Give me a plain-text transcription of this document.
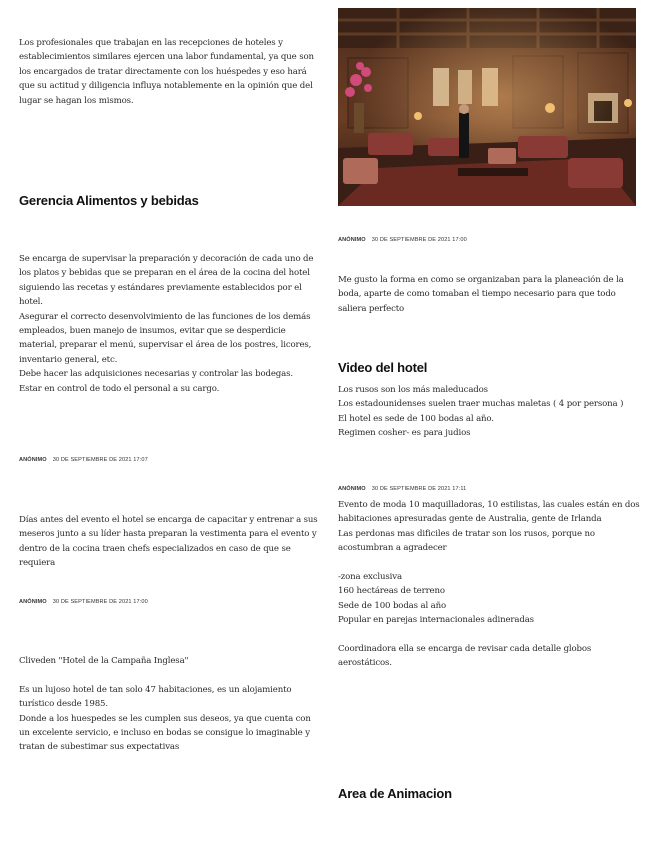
Los profesionales que trabajan en las recepciones de hoteles y establecimientos similares ejercen una labor fundamental, ya que son los encargados de tratar directamente con los huéspedes y eso hará que su actitud y diligencia influya notablemente en la opinión que del lugar se hagan los mismos.

Gerencia Alimentos y bebidas

Se encarga de supervisar la preparación y decoración de cada uno de los platos y bebidas que se preparan en el área de la cocina del hotel siguiendo las recetas y estándares previamente establecidos por el hotel.
Asegurar el correcto desenvolvimiento de las funciones de los demás empleados, buen manejo de insumos, evitar que se desperdicie material, preparar el menú, supervisar el área de los postres, licores, inventario general, etc.
Debe hacer las adquisiciones necesarias y controlar las bodegas.
Estar en control de todo el personal a su cargo.

ANÓNIMO 30 DE SEPTIEMBRE DE 2021 17:07

Días antes del evento el hotel se encarga de capacitar y entrenar a sus meseros junto a su líder hasta preparan la vestimenta para el evento y dentro de la cocina traen chefs especializados en caso de que se requiera

ANÓNIMO 30 DE SEPTIEMBRE DE 2021 17:00

Cliveden "Hotel de la Campaña Inglesa"

Es un lujoso hotel de tan solo 47 habitaciones, es un alojamiento turístico desde 1985.
Donde a los huespedes se les cumplen sus deseos, ya que cuenta con un excelente servicio, e incluso en bodas se consigue lo imaginable y tratan de subestimar sus expectativas

ANÓNIMO 30 DE SEPTIEMBRE DE 2021 17:00

Me gusto la forma en como se organizaban para la planeación de la boda, aparte de como tomaban el tiempo necesario para que todo saliera perfecto

Video del hotel

Los rusos son los más maleducados
Los estadounidenses suelen traer muchas maletas ( 4 por persona )
El hotel es sede de 100 bodas al año.
Regimen cosher- es para judios

ANÓNIMO 30 DE SEPTIEMBRE DE 2021 17:11

Evento de moda 10 maquilladoras, 10 estilistas, las cuales están en dos habitaciones apresuradas gente de Australia, gente de Irlanda
Las perdonas mas dificiles de tratar son los rusos, porque no acostumbran a agradecer

-zona exclusiva
160 hectáreas de terreno
Sede de 100 bodas al año
Popular en parejas internacionales adineradas

Coordinadora ella se encarga de revisar cada detalle globos aerostáticos.

Area de Animacion
